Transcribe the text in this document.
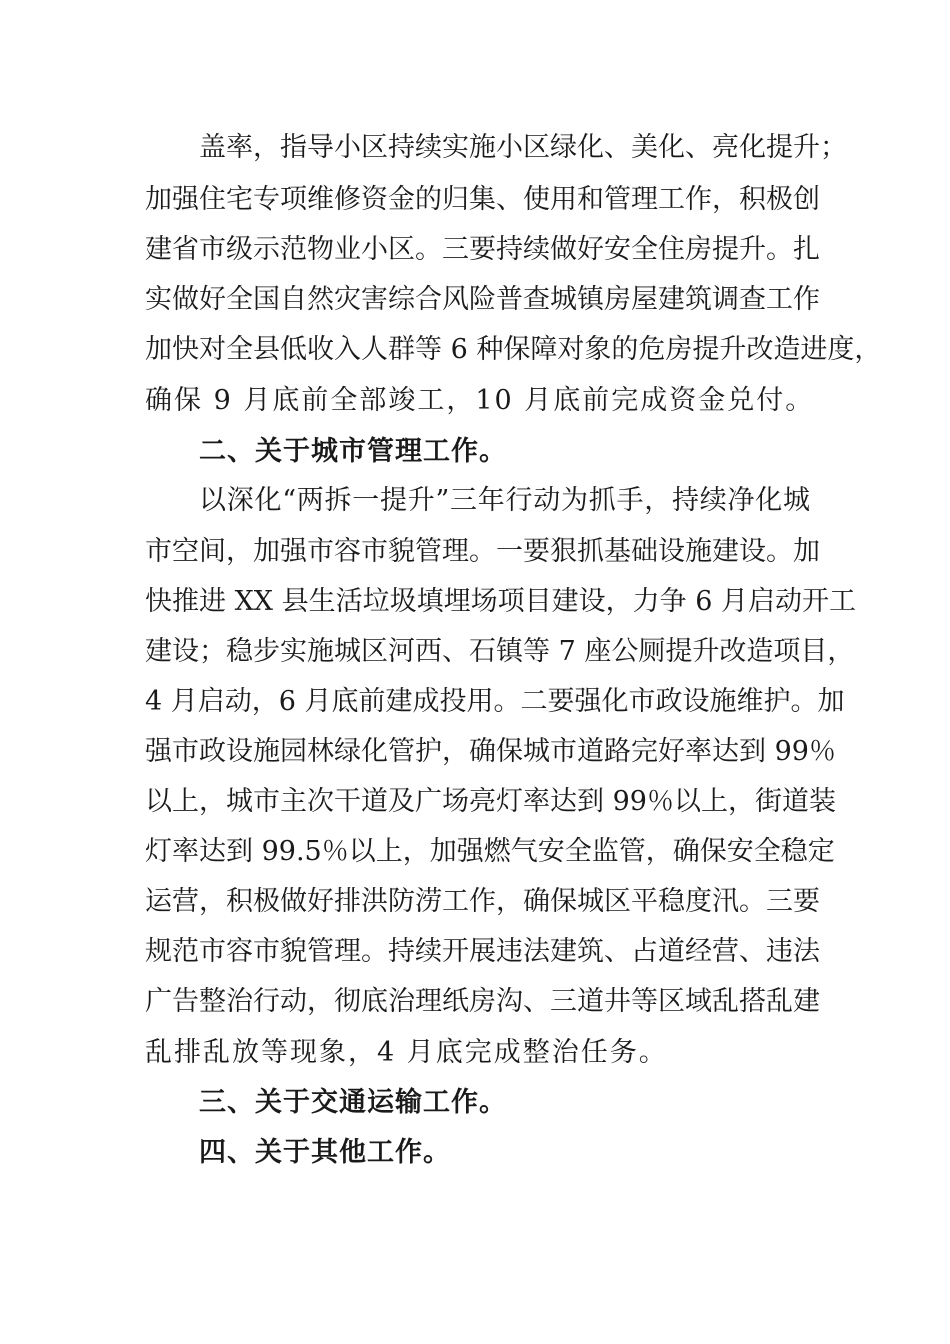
盖率，指导小区持续实施小区绿化、美化、亮化提升；
加强住宅专项维修资金的归集、使用和管理工作，积极创
建省市级示范物业小区。三要持续做好安全住房提升。扎
实做好全国自然灾害综合风险普查城镇房屋建筑调查工作
加快对全县低收入人群等 6 种保障对象的危房提升改造进度，
确保 9 月底前全部竣工，10 月底前完成资金兑付。
二、关于城市管理工作。
以深化“两拆一提升”三年行动为抓手，持续净化城
市空间，加强市容市貌管理。一要狠抓基础设施建设。加
快推进 XX 县生活垃圾填埋场项目建设，力争 6 月启动开工
建设；稳步实施城区河西、石镇等 7 座公厕提升改造项目，
4 月启动，6 月底前建成投用。二要强化市政设施维护。加
强市政设施园林绿化管护，确保城市道路完好率达到 99％
以上，城市主次干道及广场亮灯率达到 99％以上，街道装
灯率达到 99.5％以上，加强燃气安全监管，确保安全稳定
运营，积极做好排洪防涝工作，确保城区平稳度汛。三要
规范市容市貌管理。持续开展违法建筑、占道经营、违法
广告整治行动，彻底治理纸房沟、三道井等区域乱搭乱建
乱排乱放等现象，4 月底完成整治任务。
三、关于交通运输工作。
四、关于其他工作。
